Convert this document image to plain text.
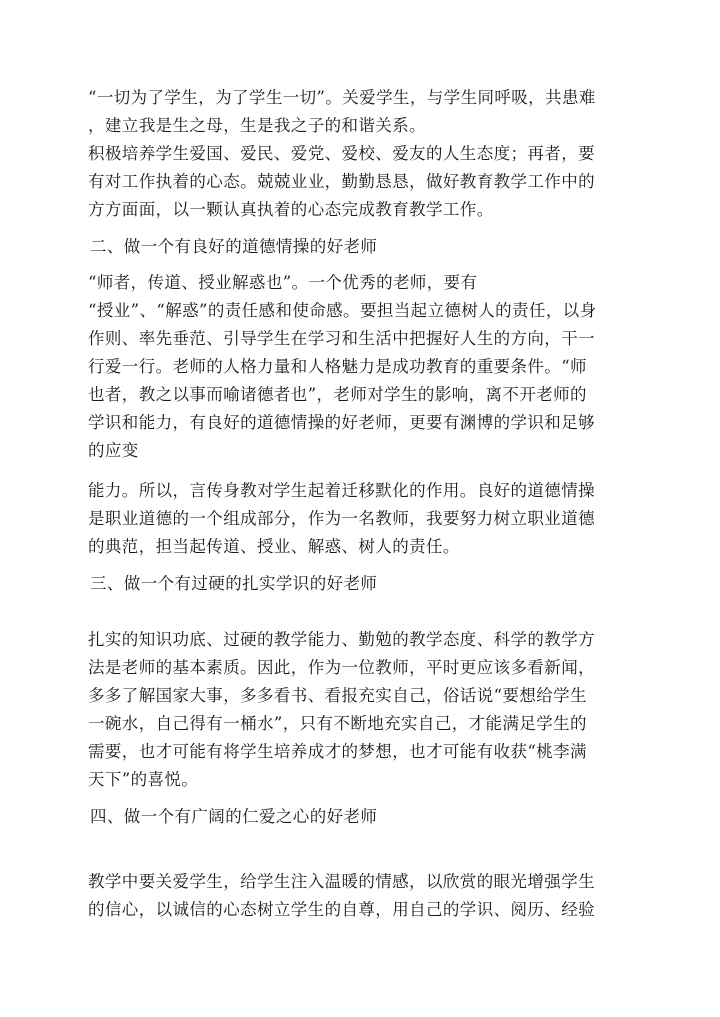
“一切为了学生，为了学生一切”。关爱学生，与学生同呼吸，共患难
，建立我是生之母，生是我之子的和谐关系。
积极培养学生爱国、爱民、爱党、爱校、爱友的人生态度；再者，要
有对工作执着的心态。兢兢业业，勤勤恳恳，做好教育教学工作中的
方方面面，以一颗认真执着的心态完成教育教学工作。
二、做一个有良好的道德情操的好老师
“师者，传道、授业解惑也”。一个优秀的老师，要有
“授业”、“解惑”的责任感和使命感。要担当起立德树人的责任，以身
作则、率先垂范、引导学生在学习和生活中把握好人生的方向，干一
行爱一行。老师的人格力量和人格魅力是成功教育的重要条件。“师
也者，教之以事而喻诸德者也”，老师对学生的影响，离不开老师的
学识和能力，有良好的道德情操的好老师，更要有渊博的学识和足够
的应变
能力。所以，言传身教对学生起着迁移默化的作用。良好的道德情操
是职业道德的一个组成部分，作为一名教师，我要努力树立职业道德
的典范，担当起传道、授业、解惑、树人的责任。
三、做一个有过硬的扎实学识的好老师
扎实的知识功底、过硬的教学能力、勤勉的教学态度、科学的教学方
法是老师的基本素质。因此，作为一位教师，平时更应该多看新闻，
多多了解国家大事，多多看书、看报充实自己，俗话说“要想给学生
一碗水，自己得有一桶水”，只有不断地充实自己，才能满足学生的
需要，也才可能有将学生培养成才的梦想，也才可能有收获“桃李满
天下”的喜悦。
四、做一个有广阔的仁爱之心的好老师
教学中要关爱学生，给学生注入温暖的情感，以欣赏的眼光增强学生
的信心，以诚信的心态树立学生的自尊，用自己的学识、阅历、经验
